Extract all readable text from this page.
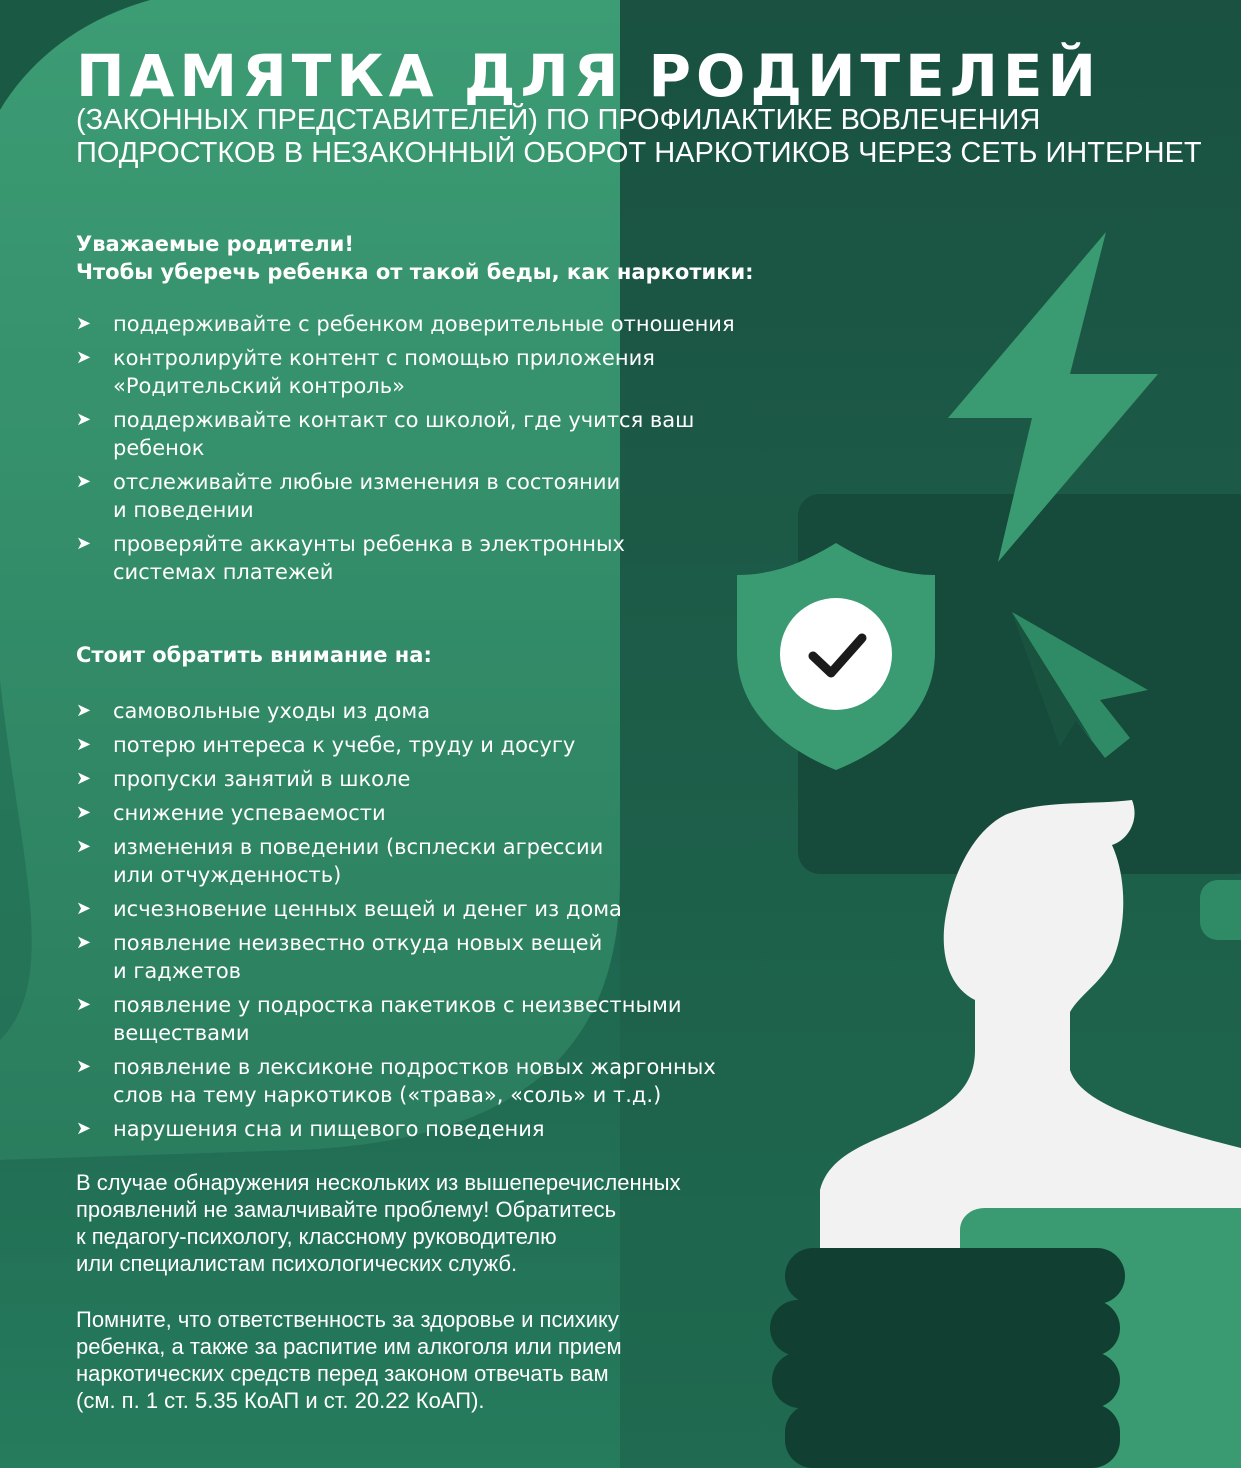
ПАМЯТКА ДЛЯ РОДИТЕЛЕЙ
(ЗАКОННЫХ ПРЕДСТАВИТЕЛЕЙ) ПО ПРОФИЛАКТИКЕ ВОВЛЕЧЕНИЯ
ПОДРОСТКОВ В НЕЗАКОННЫЙ ОБОРОТ НАРКОТИКОВ ЧЕРЕЗ СЕТЬ ИНТЕРНЕТ
Уважаемые родители!
Чтобы уберечь ребенка от такой беды, как наркотики:
➤ поддерживайте с ребенком доверительные отношения
➤ контролируйте контент с помощью приложения
«Родительский контроль»
➤ поддерживайте контакт со школой, где учится ваш
ребенок
➤ отслеживайте любые изменения в состоянии
и поведении
➤ проверяйте аккаунты ребенка в электронных
системах платежей
Стоит обратить внимание на:
➤ самовольные уходы из дома
➤ потерю интереса к учебе, труду и досугу
➤ пропуски занятий в школе
➤ снижение успеваемости
➤ изменения в поведении (всплески агрессии
или отчужденность)
➤ исчезновение ценных вещей и денег из дома
➤ появление неизвестно откуда новых вещей
и гаджетов
➤ появление у подростка пакетиков с неизвестными
веществами
➤ появление в лексиконе подростков новых жаргонных
слов на тему наркотиков («трава», «соль» и т.д.)
➤ нарушения сна и пищевого поведения
В случае обнаружения нескольких из вышеперечисленных
проявлений не замалчивайте проблему! Обратитесь
к педагогу-психологу, классному руководителю
или специалистам психологических служб.
Помните, что ответственность за здоровье и психику
ребенка, а также за распитие им алкоголя или прием
наркотических средств перед законом отвечать вам
(см. п. 1 ст. 5.35 КоАП и ст. 20.22 КоАП).
